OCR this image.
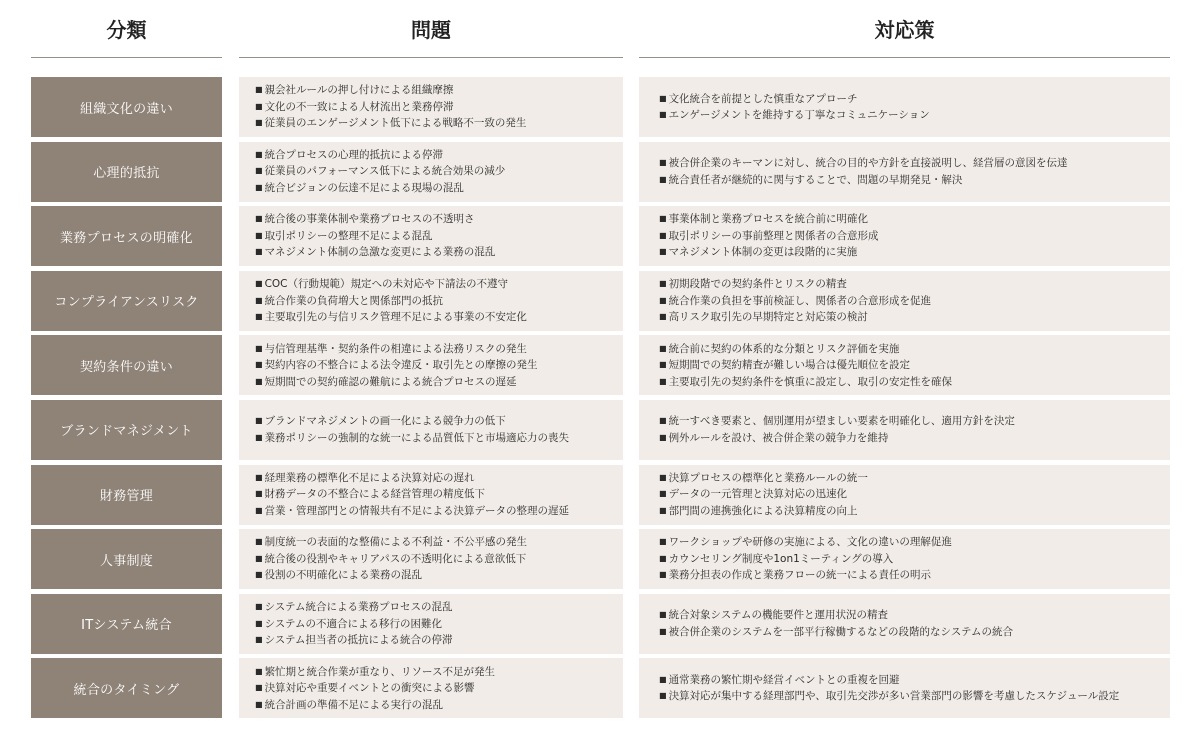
分類	問題	対応策
組織文化の違い
■ 親会社ルールの押し付けによる組織摩擦
■ 文化の不一致による人材流出と業務停滞
■ 従業員のエンゲージメント低下による戦略不一致の発生
■ 文化統合を前提とした慎重なアプローチ
■ エンゲージメントを維持する丁寧なコミュニケーション
心理的抵抗
■ 統合プロセスの心理的抵抗による停滞
■ 従業員のパフォーマンス低下による統合効果の減少
■ 統合ビジョンの伝達不足による現場の混乱
■ 被合併企業のキーマンに対し、統合の目的や方針を直接説明し、経営層の意図を伝達
■ 統合責任者が継続的に関与することで、問題の早期発見・解決
業務プロセスの明確化
■ 統合後の事業体制や業務プロセスの不透明さ
■ 取引ポリシーの整理不足による混乱
■ マネジメント体制の急激な変更による業務の混乱
■ 事業体制と業務プロセスを統合前に明確化
■ 取引ポリシーの事前整理と関係者の合意形成
■ マネジメント体制の変更は段階的に実施
コンプライアンスリスク
■ COC（行動規範）規定への未対応や下請法の不遵守
■ 統合作業の負荷増大と関係部門の抵抗
■ 主要取引先の与信リスク管理不足による事業の不安定化
■ 初期段階での契約条件とリスクの精査
■ 統合作業の負担を事前検証し、関係者の合意形成を促進
■ 高リスク取引先の早期特定と対応策の検討
契約条件の違い
■ 与信管理基準・契約条件の相違による法務リスクの発生
■ 契約内容の不整合による法令違反・取引先との摩擦の発生
■ 短期間での契約確認の難航による統合プロセスの遅延
■ 統合前に契約の体系的な分類とリスク評価を実施
■ 短期間での契約精査が難しい場合は優先順位を設定
■ 主要取引先の契約条件を慎重に設定し、取引の安定性を確保
ブランドマネジメント
■ ブランドマネジメントの画一化による競争力の低下
■ 業務ポリシーの強制的な統一による品質低下と市場適応力の喪失
■ 統一すべき要素と、個別運用が望ましい要素を明確化し、適用方針を決定
■ 例外ルールを設け、被合併企業の競争力を維持
財務管理
■ 経理業務の標準化不足による決算対応の遅れ
■ 財務データの不整合による経営管理の精度低下
■ 営業・管理部門との情報共有不足による決算データの整理の遅延
■ 決算プロセスの標準化と業務ルールの統一
■ データの一元管理と決算対応の迅速化
■ 部門間の連携強化による決算精度の向上
人事制度
■ 制度統一の表面的な整備による不利益・不公平感の発生
■ 統合後の役割やキャリアパスの不透明化による意欲低下
■ 役割の不明確化による業務の混乱
■ ワークショップや研修の実施による、文化の違いの理解促進
■ カウンセリング制度や1on1ミーティングの導入
■ 業務分担表の作成と業務フローの統一による責任の明示
ITシステム統合
■ システム統合による業務プロセスの混乱
■ システムの不適合による移行の困難化
■ システム担当者の抵抗による統合の停滞
■ 統合対象システムの機能要件と運用状況の精査
■ 被合併企業のシステムを一部平行稼働するなどの段階的なシステムの統合
統合のタイミング
■ 繁忙期と統合作業が重なり、リソース不足が発生
■ 決算対応や重要イベントとの衝突による影響
■ 統合計画の準備不足による実行の混乱
■ 通常業務の繁忙期や経営イベントとの重複を回避
■ 決算対応が集中する経理部門や、取引先交渉が多い営業部門の影響を考慮したスケジュール設定
